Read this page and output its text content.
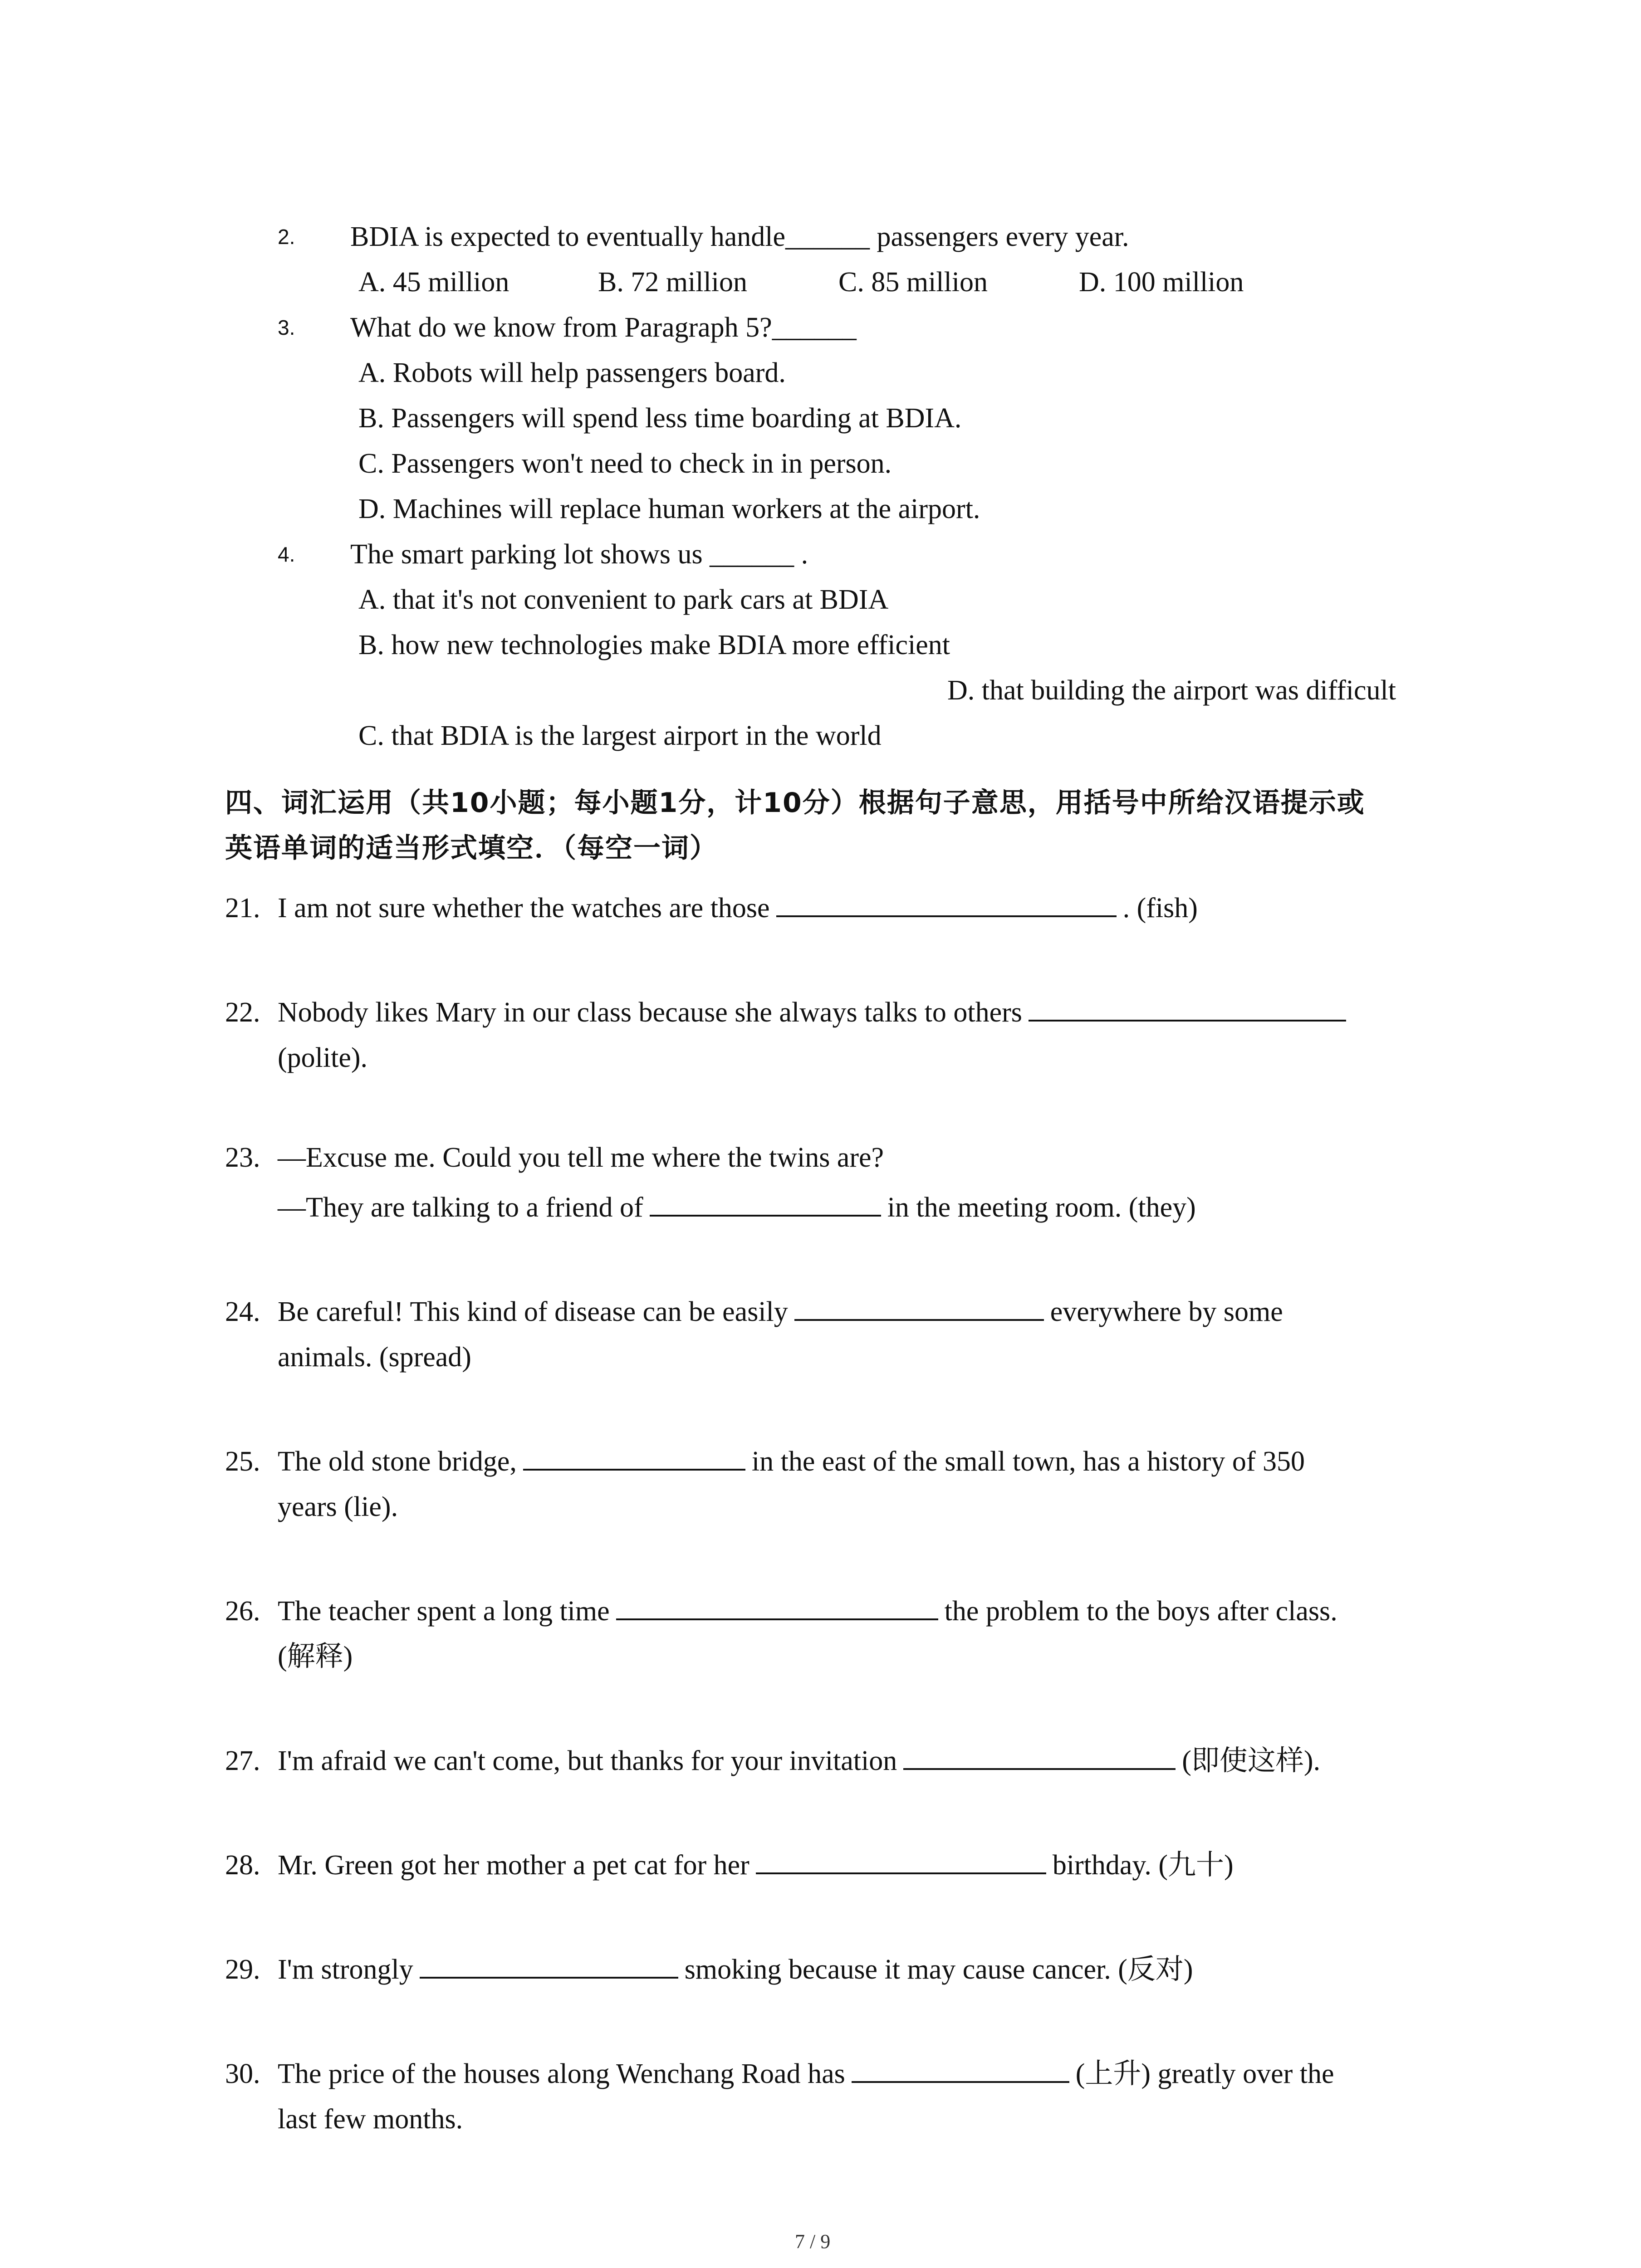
2. BDIA is expected to eventually handle______ passengers every year.
A. 45 million	B. 72 million	C. 85 million	D. 100 million
3. What do we know from Paragraph 5?______
A. Robots will help passengers board.
B. Passengers will spend less time boarding at BDIA.
C. Passengers won't need to check in in person.
D. Machines will replace human workers at the airport.
4. The smart parking lot shows us ______ .
A. that it's not convenient to park cars at BDIA
B. how new technologies make BDIA more efficient
D. that building the airport was difficult
C. that BDIA is the largest airport in the world
四、词汇运用（共10小题；每小题1分，计10分）根据句子意思，用括号中所给汉语提示或
英语单词的适当形式填空．（每空一词）
21. I am not sure whether the watches are those	. (fish)
22. Nobody likes Mary in our class because she always talks to others
(polite).
23. —Excuse me. Could you tell me where the twins are?
—They are talking to a friend of	in the meeting room. (they)
24. Be careful! This kind of disease can be easily	everywhere by some
animals. (spread)
25. The old stone bridge,	in the east of the small town, has a history of 350
years (lie).
26. The teacher spent a long time	the problem to the boys after class.
(解释)
27. I'm afraid we can't come, but thanks for your invitation	(即使这样).
28. Mr. Green got her mother a pet cat for her	birthday. (九十)
29. I'm strongly	smoking because it may cause cancer. (反对)
30. The price of the houses along Wenchang Road has	(上升) greatly over the
last few months.
7 / 9
